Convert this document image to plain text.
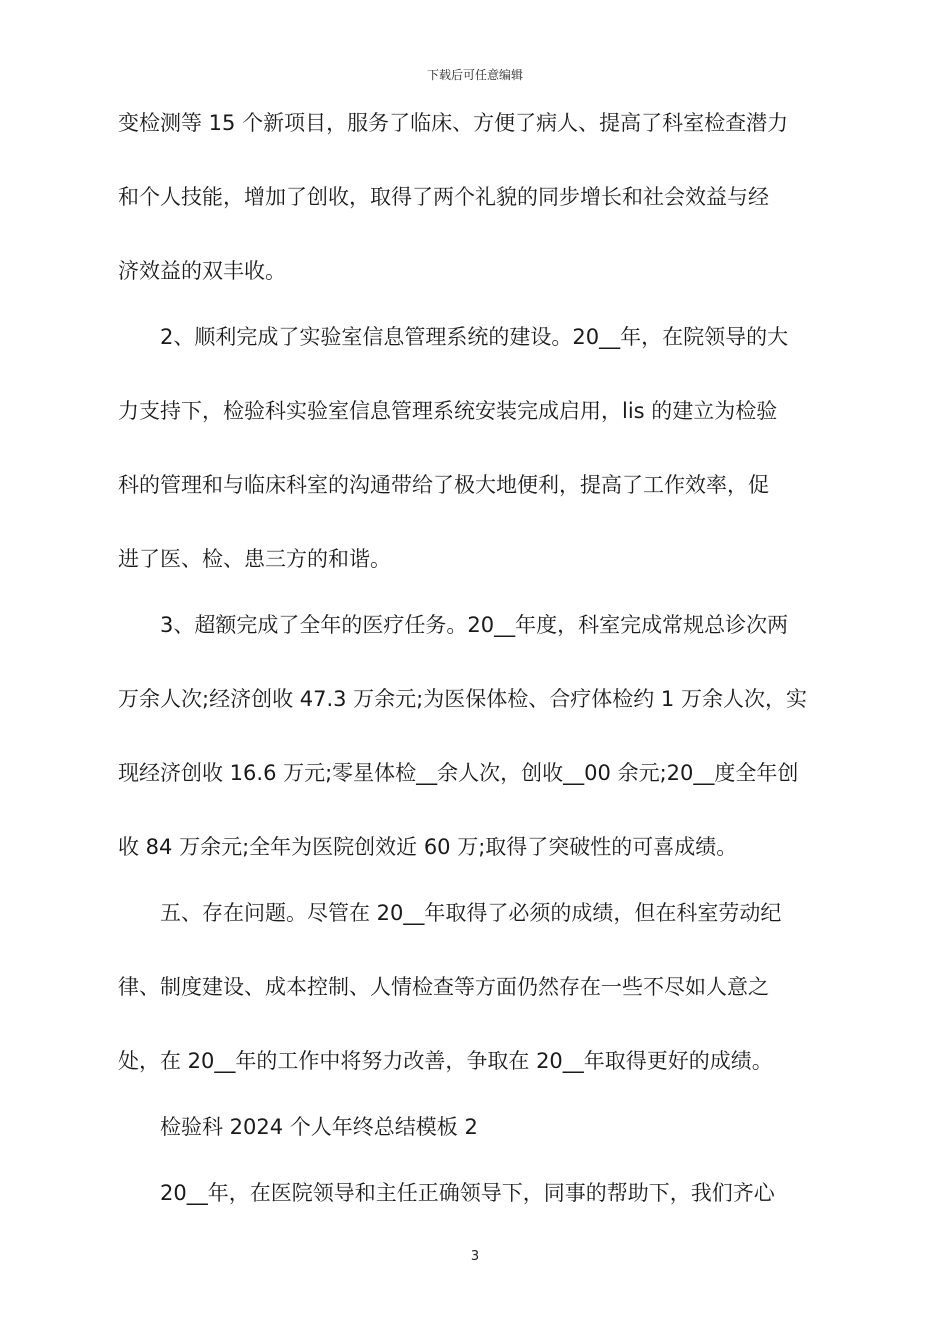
下载后可任意编辑
变检测等 15 个新项目，服务了临床、方便了病人、提高了科室检查潜力
和个人技能，增加了创收，取得了两个礼貌的同步增长和社会效益与经
济效益的双丰收。
　　2、顺利完成了实验室信息管理系统的建设。20__年，在院领导的大
力支持下，检验科实验室信息管理系统安装完成启用，lis 的建立为检验
科的管理和与临床科室的沟通带给了极大地便利，提高了工作效率，促
进了医、检、患三方的和谐。
　　3、超额完成了全年的医疗任务。20__年度，科室完成常规总诊次两
万余人次;经济创收 47.3 万余元;为医保体检、合疗体检约 1 万余人次，实
现经济创收 16.6 万元;零星体检__余人次，创收__00 余元;20__度全年创
收 84 万余元;全年为医院创效近 60 万;取得了突破性的可喜成绩。
　　五、存在问题。尽管在 20__年取得了必须的成绩，但在科室劳动纪
律、制度建设、成本控制、人情检查等方面仍然存在一些不尽如人意之
处，在 20__年的工作中将努力改善，争取在 20__年取得更好的成绩。
　　检验科 2024 个人年终总结模板 2
　　20__年，在医院领导和主任正确领导下，同事的帮助下，我们齐心
3
